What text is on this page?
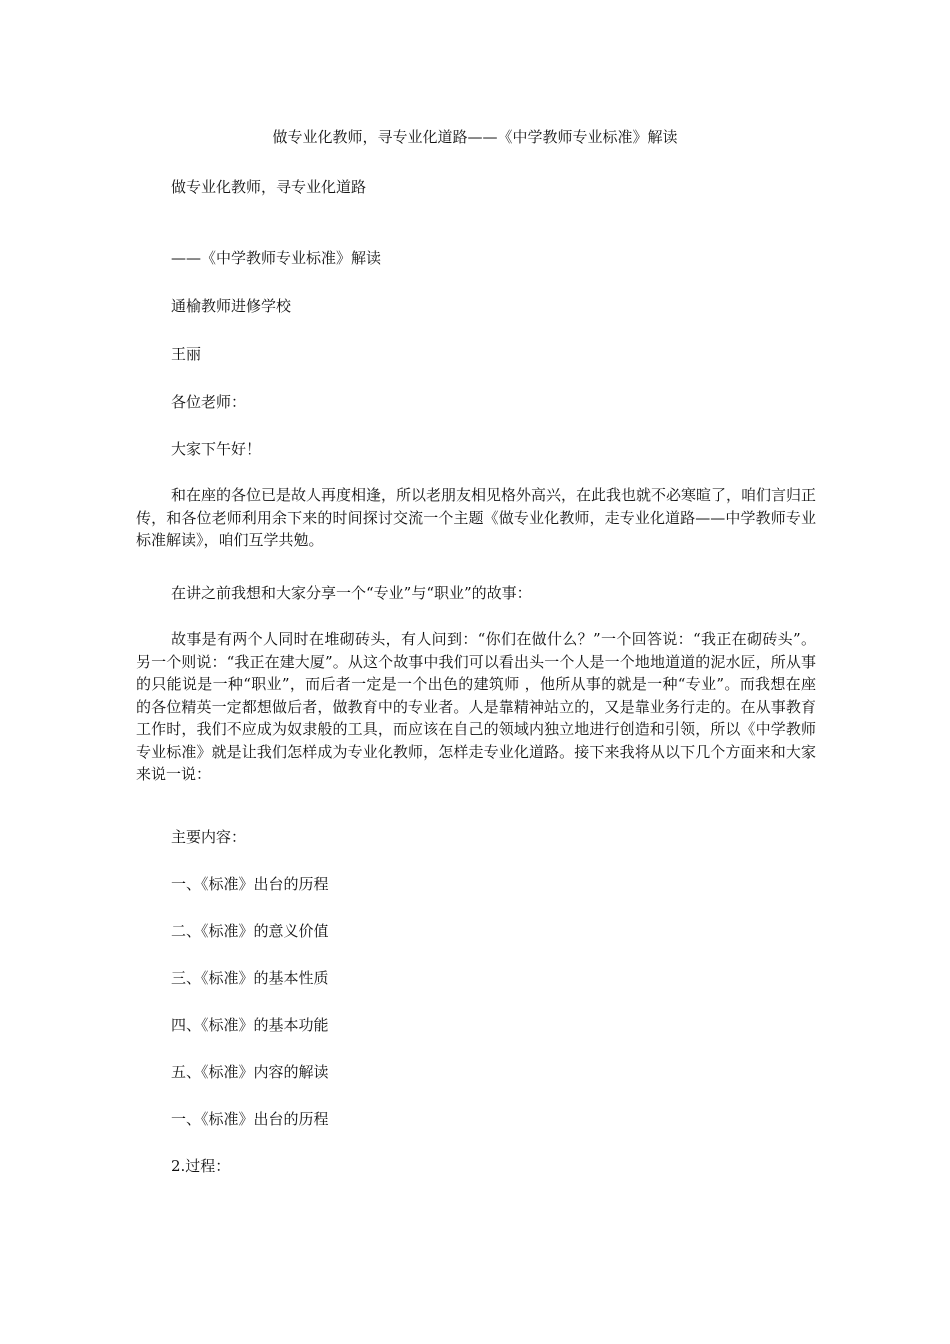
做专业化教师，寻专业化道路——《中学教师专业标准》解读
做专业化教师，寻专业化道路
——《中学教师专业标准》解读
通榆教师进修学校
王丽
各位老师：
大家下午好！

和在座的各位已是故人再度相逢，所以老朋友相见格外高兴，在此我也就不必寒暄了，咱们言归正传，和各位老师利用余下来的时间探讨交流一个主题《做专业化教师，走专业化道路——中学教师专业标准解读》，咱们互学共勉。

在讲之前我想和大家分享一个“专业”与“职业”的故事：

故事是有两个人同时在堆砌砖头，有人问到：“你们在做什么？”一个回答说：“我正在砌砖头”。另一个则说：“我正在建大厦”。从这个故事中我们可以看出头一个人是一个地地道道的泥水匠，所从事的只能说是一种“职业”，而后者一定是一个出色的建筑师 ，他所从事的就是一种“专业”。而我想在座的各位精英一定都想做后者，做教育中的专业者。人是靠精神站立的，又是靠业务行走的。在从事教育工作时，我们不应成为奴隶般的工具，而应该在自己的领域内独立地进行创造和引领，所以《中学教师专业标准》就是让我们怎样成为专业化教师，怎样走专业化道路。接下来我将从以下几个方面来和大家来说一说：

主要内容：
一、《标准》出台的历程
二、《标准》的意义价值
三、《标准》的基本性质
四、《标准》的基本功能
五、《标准》内容的解读
一、《标准》出台的历程
2.过程：
